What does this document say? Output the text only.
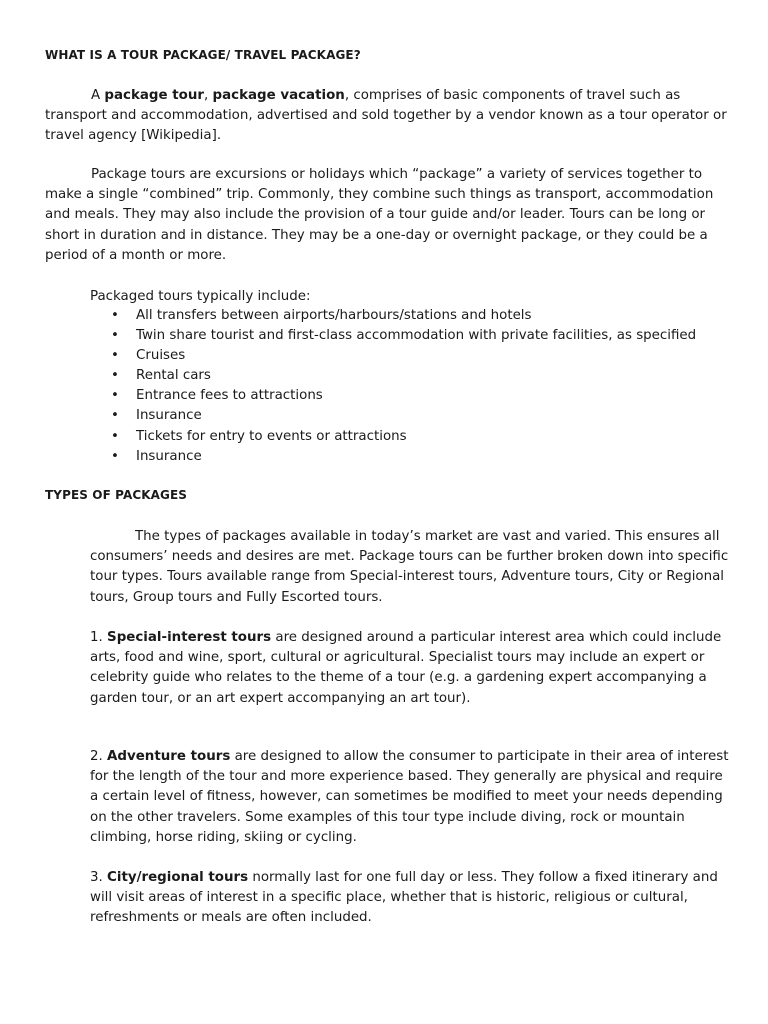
WHAT IS A TOUR PACKAGE/ TRAVEL PACKAGE?

A package tour, package vacation, comprises of basic components of travel such as transport and accommodation, advertised and sold together by a vendor known as a tour operator or travel agency [Wikipedia].

Package tours are excursions or holidays which “package” a variety of services together to make a single “combined” trip. Commonly, they combine such things as transport, accommodation and meals. They may also include the provision of a tour guide and/or leader. Tours can be long or short in duration and in distance. They may be a one-day or overnight package, or they could be a period of a month or more.

Packaged tours typically include:

• All transfers between airports/harbours/stations and hotels
• Twin share tourist and first-class accommodation with private facilities, as specified
• Cruises
• Rental cars
• Entrance fees to attractions
• Insurance
• Tickets for entry to events or attractions
• Insurance
TYPES OF PACKAGES

The types of packages available in today’s market are vast and varied. This ensures all consumers’ needs and desires are met. Package tours can be further broken down into specific tour types. Tours available range from Special-interest tours, Adventure tours, City or Regional tours, Group tours and Fully Escorted tours.

1. Special-interest tours are designed around a particular interest area which could include arts, food and wine, sport, cultural or agricultural. Specialist tours may include an expert or celebrity guide who relates to the theme of a tour (e.g. a gardening expert accompanying a garden tour, or an art expert accompanying an art tour).

2. Adventure tours are designed to allow the consumer to participate in their area of interest for the length of the tour and more experience based. They generally are physical and require a certain level of fitness, however, can sometimes be modified to meet your needs depending on the other travelers. Some examples of this tour type include diving, rock or mountain climbing, horse riding, skiing or cycling.

3. City/regional tours normally last for one full day or less. They follow a fixed itinerary and will visit areas of interest in a specific place, whether that is historic, religious or cultural, refreshments or meals are often included.
